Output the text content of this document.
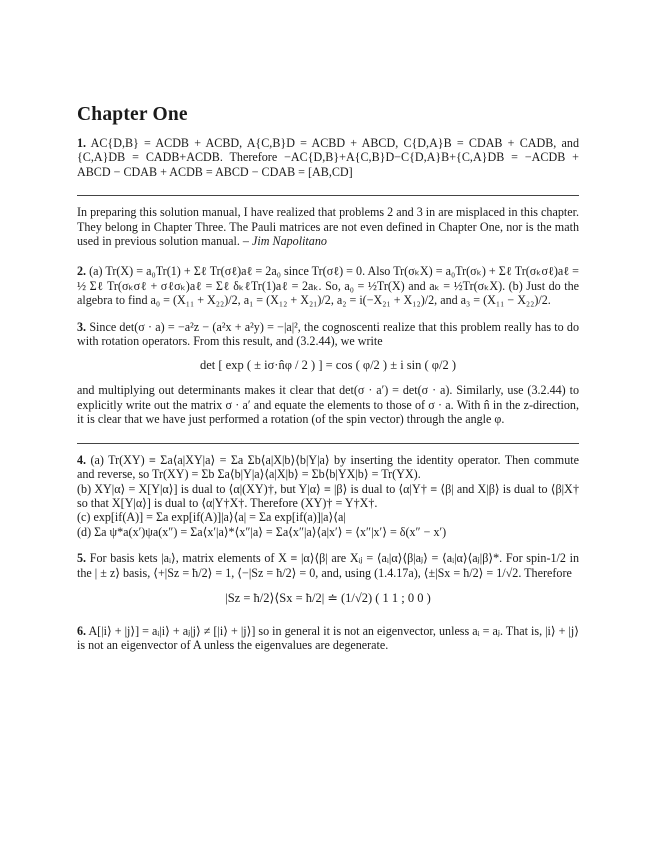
Chapter One

1. AC{D,B} = ACDB + ACBD, A{C,B}D = ACBD + ABCD, C{D,A}B = CDAB + CADB, and {C,A}DB = CADB+ACDB. Therefore −AC{D,B}+A{C,B}D−C{D,A}B+{C,A}DB = −ACDB + ABCD − CDAB + ACDB = ABCD − CDAB = [AB,CD]

In preparing this solution manual, I have realized that problems 2 and 3 in are misplaced in this chapter. They belong in Chapter Three. The Pauli matrices are not even defined in Chapter One, nor is the math used in previous solution manual. – Jim Napolitano

2. (a) Tr(X) = a₀Tr(1) + Σℓ Tr(σℓ)aℓ = 2a₀ since Tr(σℓ) = 0. Also Tr(σₖX) = a₀Tr(σₖ) + Σℓ Tr(σₖσℓ)aℓ = ½ Σℓ Tr(σₖσℓ + σℓσₖ)aℓ = Σℓ δₖℓTr(1)aℓ = 2aₖ. So, a₀ = ½Tr(X) and aₖ = ½Tr(σₖX). (b) Just do the algebra to find a₀ = (X₁₁ + X₂₂)/2, a₁ = (X₁₂ + X₂₁)/2, a₂ = i(−X₂₁ + X₁₂)/2, and a₃ = (X₁₁ − X₂₂)/2.

3. Since det(σ · a) = −a²z − (a²x + a²y) = −|a|², the cognoscenti realize that this problem really has to do with rotation operators. From this result, and (3.2.44), we write

det [ exp ( ± iσ·n̂φ / 2 ) ] = cos ( φ/2 ) ± i sin ( φ/2 )

and multiplying out determinants makes it clear that det(σ · a′) = det(σ · a). Similarly, use (3.2.44) to explicitly write out the matrix σ · a′ and equate the elements to those of σ · a. With n̂ in the z-direction, it is clear that we have just performed a rotation (of the spin vector) through the angle φ.

4. (a) Tr(XY) ≡ Σa⟨a|XY|a⟩ = Σa Σb⟨a|X|b⟩⟨b|Y|a⟩ by inserting the identity operator. Then commute and reverse, so Tr(XY) = Σb Σa⟨b|Y|a⟩⟨a|X|b⟩ = Σb⟨b|YX|b⟩ = Tr(YX).

(b) XY|α⟩ = X[Y|α⟩] is dual to ⟨α|(XY)†, but Y|α⟩ ≡ |β⟩ is dual to ⟨α|Y† ≡ ⟨β| and X|β⟩ is dual to ⟨β|X† so that X[Y|α⟩] is dual to ⟨α|Y†X†. Therefore (XY)† = Y†X†.

(c) exp[if(A)] = Σa exp[if(A)]|a⟩⟨a| = Σa exp[if(a)]|a⟩⟨a|

(d) Σa ψ*a(x′)ψa(x″) = Σa⟨x′|a⟩*⟨x″|a⟩ = Σa⟨x″|a⟩⟨a|x′⟩ = ⟨x″|x′⟩ = δ(x″ − x′)

5. For basis kets |aᵢ⟩, matrix elements of X ≡ |α⟩⟨β| are Xᵢⱼ = ⟨aᵢ|α⟩⟨β|aⱼ⟩ = ⟨aᵢ|α⟩⟨aⱼ|β⟩*. For spin-1/2 in the | ± z⟩ basis, ⟨+|Sz = ħ/2⟩ = 1, ⟨−|Sz = ħ/2⟩ = 0, and, using (1.4.17a), ⟨±|Sx = ħ/2⟩ = 1/√2. Therefore

|Sz = ħ/2⟩⟨Sx = ħ/2| ≐ (1/√2) ( 1 1 ; 0 0 )

6. A[|i⟩ + |j⟩] = aᵢ|i⟩ + aⱼ|j⟩ ≠ [|i⟩ + |j⟩] so in general it is not an eigenvector, unless aᵢ = aⱼ. That is, |i⟩ + |j⟩ is not an eigenvector of A unless the eigenvalues are degenerate.
